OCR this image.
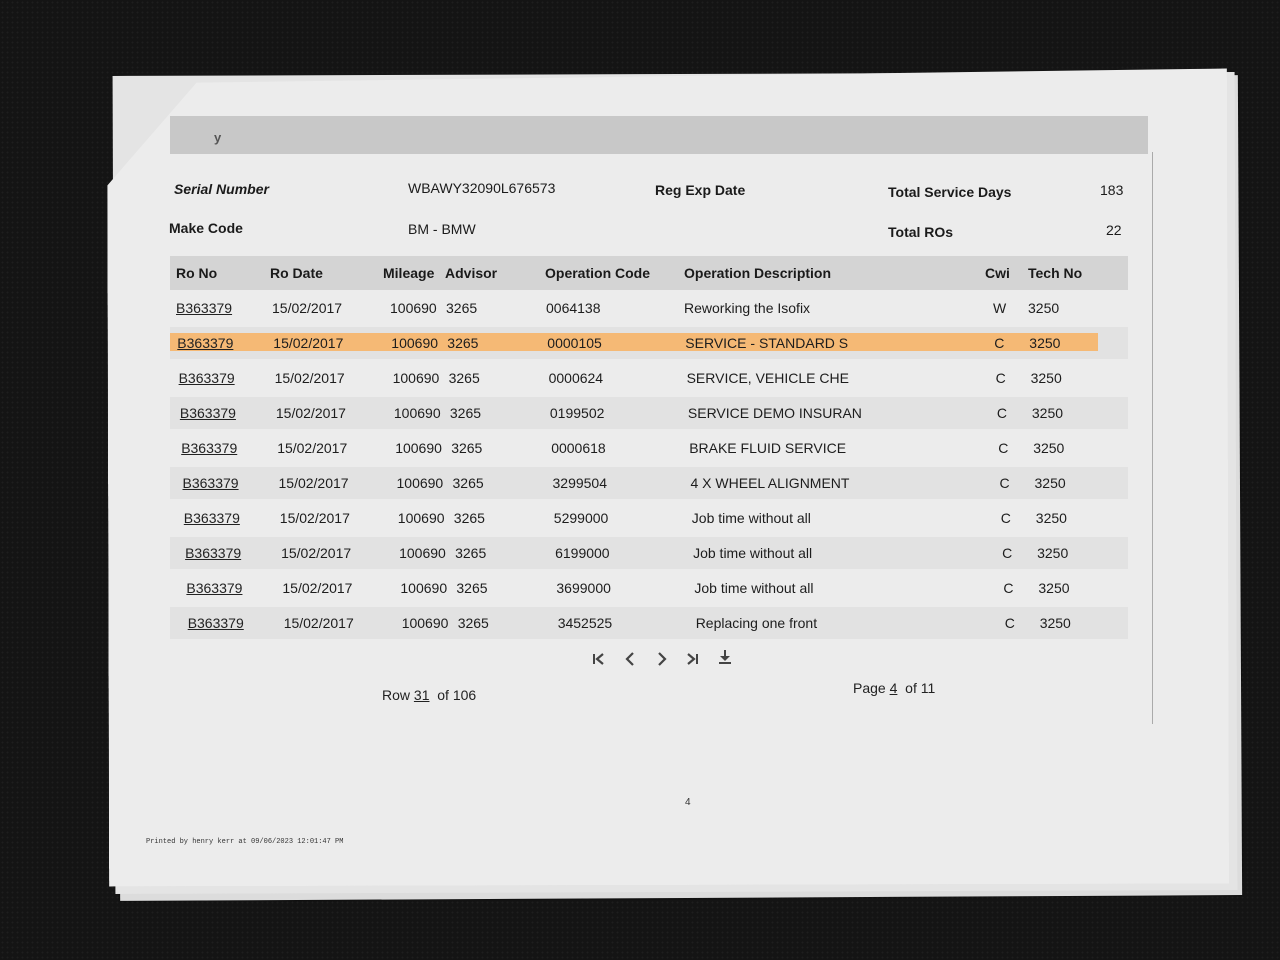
y
Serial Number	WBAWY32090L676573
Make Code	BM - BMW
Reg Exp Date	Total Service Days	183
Total ROs	22
Ro No	Ro Date	Mileage Advisor	Operation Code Operation Description	Cwi Tech No
B363379	15/02/2017	100690 3265	0064138	Reworking the Isofix	W 3250
B363379	15/02/2017	100690 3265	0000105	SERVICE - STANDARD S	C 3250
B363379	15/02/2017	100690 3265	0000624	SERVICE, VEHICLE CHE	C 3250
B363379	15/02/2017	100690 3265	0199502	SERVICE DEMO INSURAN	C 3250
B363379	15/02/2017	100690 3265	0000618	BRAKE FLUID SERVICE	C 3250
B363379	15/02/2017	100690 3265	3299504	4 X WHEEL ALIGNMENT	C 3250
B363379	15/02/2017	100690 3265	5299000	Job time without all	C 3250
B363379	15/02/2017	100690 3265	6199000	Job time without all	C 3250
B363379	15/02/2017	100690 3265	3699000	Job time without all	C 3250
B363379	15/02/2017	100690 3265	3452525	Replacing one front	C 3250
Row 31 of 106	Page 4 of 11
4
Printed by henry kerr at 09/06/2023 12:01:47 PM
